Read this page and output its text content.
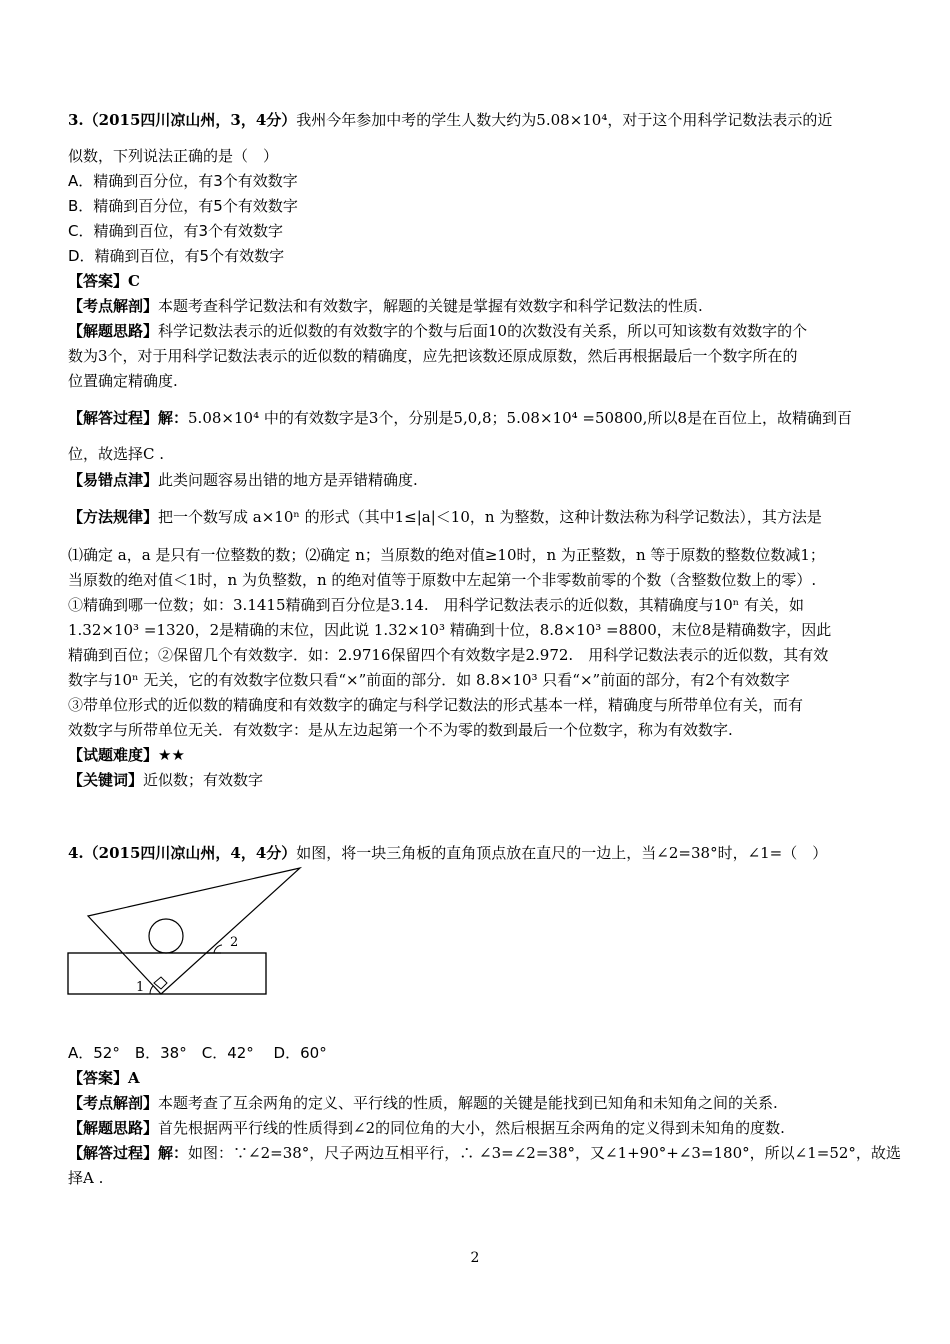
3.（2015四川凉山州，3，4分）我州今年参加中考的学生人数大约为5.08×10⁴，对于这个用科学记数法表示的近
似数，下列说法正确的是（　）
A．精确到百分位，有3个有效数字
B．精确到百分位，有5个有效数字
C．精确到百位，有3个有效数字
D．精确到百位，有5个有效数字
【答案】C
【考点解剖】本题考查科学记数法和有效数字，解题的关键是掌握有效数字和科学记数法的性质.
【解题思路】科学记数法表示的近似数的有效数字的个数与后面10的次数没有关系，所以可知该数有效数字的个
数为3个，对于用科学记数法表示的近似数的精确度，应先把该数还原成原数，然后再根据最后一个数字所在的
位置确定精确度.
【解答过程】解：5.08×10⁴ 中的有效数字是3个，分别是5,0,8；5.08×10⁴ =50800,所以8是在百位上，故精确到百
位，故选择C .
【易错点津】此类问题容易出错的地方是弄错精确度.
【方法规律】把一个数写成 a×10ⁿ 的形式（其中1≤|a|＜10，n 为整数，这种计数法称为科学记数法），其方法是
⑴确定 a，a 是只有一位整数的数；⑵确定 n；当原数的绝对值≥10时，n 为正整数，n 等于原数的整数位数减1；
当原数的绝对值＜1时，n 为负整数，n 的绝对值等于原数中左起第一个非零数前零的个数（含整数位数上的零）.
①精确到哪一位数；如：3.1415精确到百分位是3.14.　用科学记数法表示的近似数，其精确度与10ⁿ 有关，如
1.32×10³ =1320，2是精确的末位，因此说 1.32×10³ 精确到十位，8.8×10³ =8800，末位8是精确数字，因此
精确到百位；②保留几个有效数字．如：2.9716保留四个有效数字是2.972.　用科学记数法表示的近似数，其有效
数字与10ⁿ 无关，它的有效数字位数只看“×”前面的部分．如 8.8×10³ 只看“×”前面的部分，有2个有效数字
③带单位形式的近似数的精确度和有效数字的确定与科学记数法的形式基本一样，精确度与所带单位有关，而有
效数字与所带单位无关．有效数字：是从左边起第一个不为零的数到最后一个位数字，称为有效数字.
【试题难度】★★
【关键词】近似数；有效数字
4.（2015四川凉山州，4，4分）如图，将一块三角板的直角顶点放在直尺的一边上，当∠2=38°时，∠1=（　）
1
2
A．52°　B．38°　C．42°　 D．60°
【答案】A
【考点解剖】本题考查了互余两角的定义、平行线的性质，解题的关键是能找到已知角和未知角之间的关系.
【解题思路】首先根据两平行线的性质得到∠2的同位角的大小，然后根据互余两角的定义得到未知角的度数.
【解答过程】解：如图：∵∠2=38°，尺子两边互相平行，∴ ∠3=∠2=38°，又∠1+90°+∠3=180°，所以∠1=52°，故选
择A .
2
